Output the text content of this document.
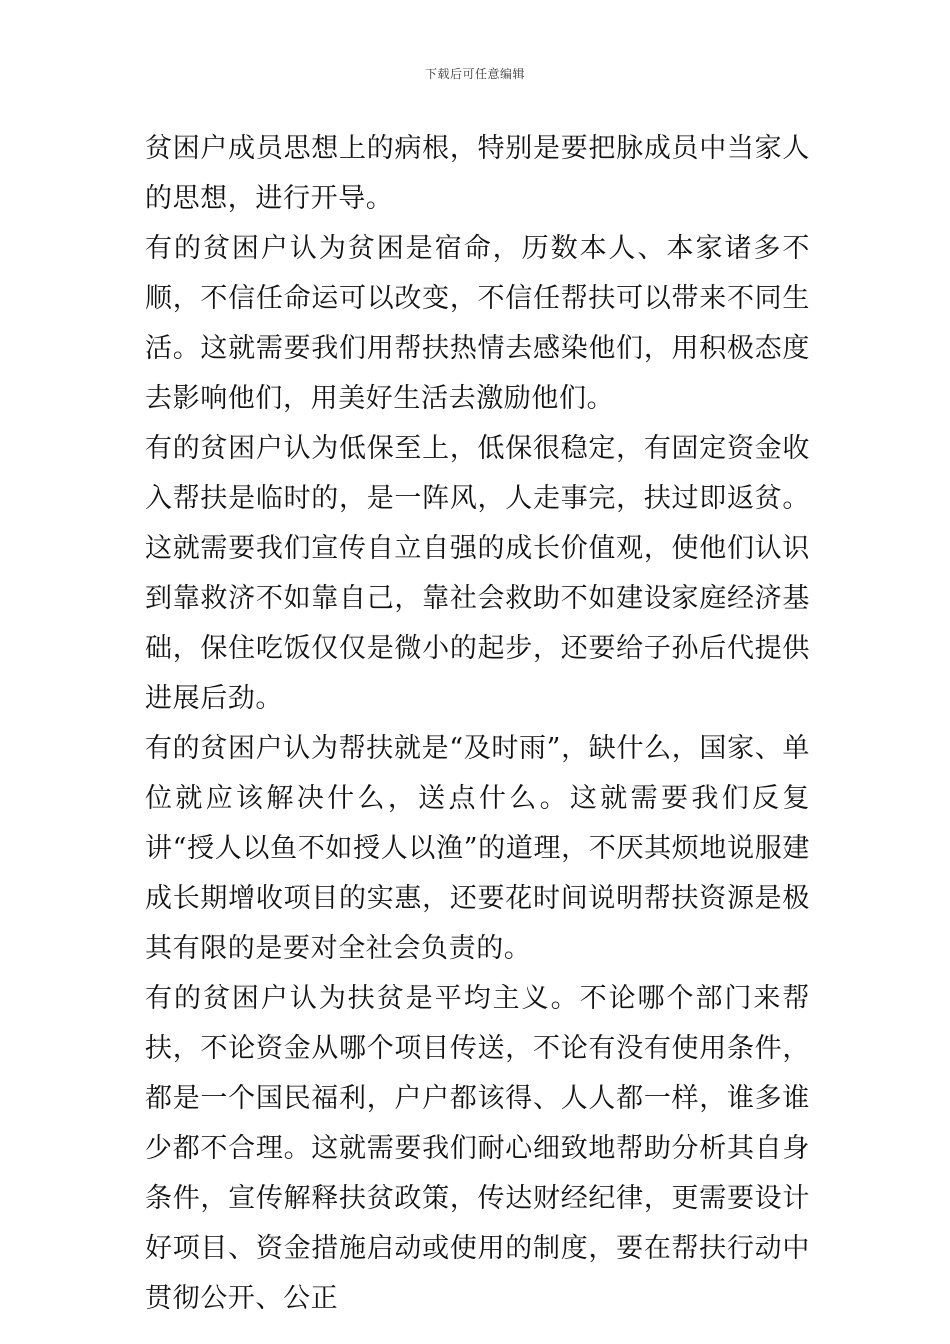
下载后可任意编辑

贫困户成员思想上的病根，特别是要把脉成员中当家人的思想，进行开导。

有的贫困户认为贫困是宿命，历数本人、本家诸多不顺，不信任命运可以改变，不信任帮扶可以带来不同生活。这就需要我们用帮扶热情去感染他们，用积极态度去影响他们，用美好生活去激励他们。

有的贫困户认为低保至上，低保很稳定，有固定资金收入帮扶是临时的，是一阵风，人走事完，扶过即返贫。这就需要我们宣传自立自强的成长价值观，使他们认识到靠救济不如靠自己，靠社会救助不如建设家庭经济基础，保住吃饭仅仅是微小的起步，还要给子孙后代提供进展后劲。

有的贫困户认为帮扶就是“及时雨”，缺什么，国家、单位就应该解决什么，送点什么。这就需要我们反复讲“授人以鱼不如授人以渔”的道理，不厌其烦地说服建成长期增收项目的实惠，还要花时间说明帮扶资源是极其有限的是要对全社会负责的。

有的贫困户认为扶贫是平均主义。不论哪个部门来帮扶，不论资金从哪个项目传送，不论有没有使用条件，都是一个国民福利，户户都该得、人人都一样，谁多谁少都不合理。这就需要我们耐心细致地帮助分析其自身条件，宣传解释扶贫政策，传达财经纪律，更需要设计好项目、资金措施启动或使用的制度，要在帮扶行动中贯彻公开、公正
